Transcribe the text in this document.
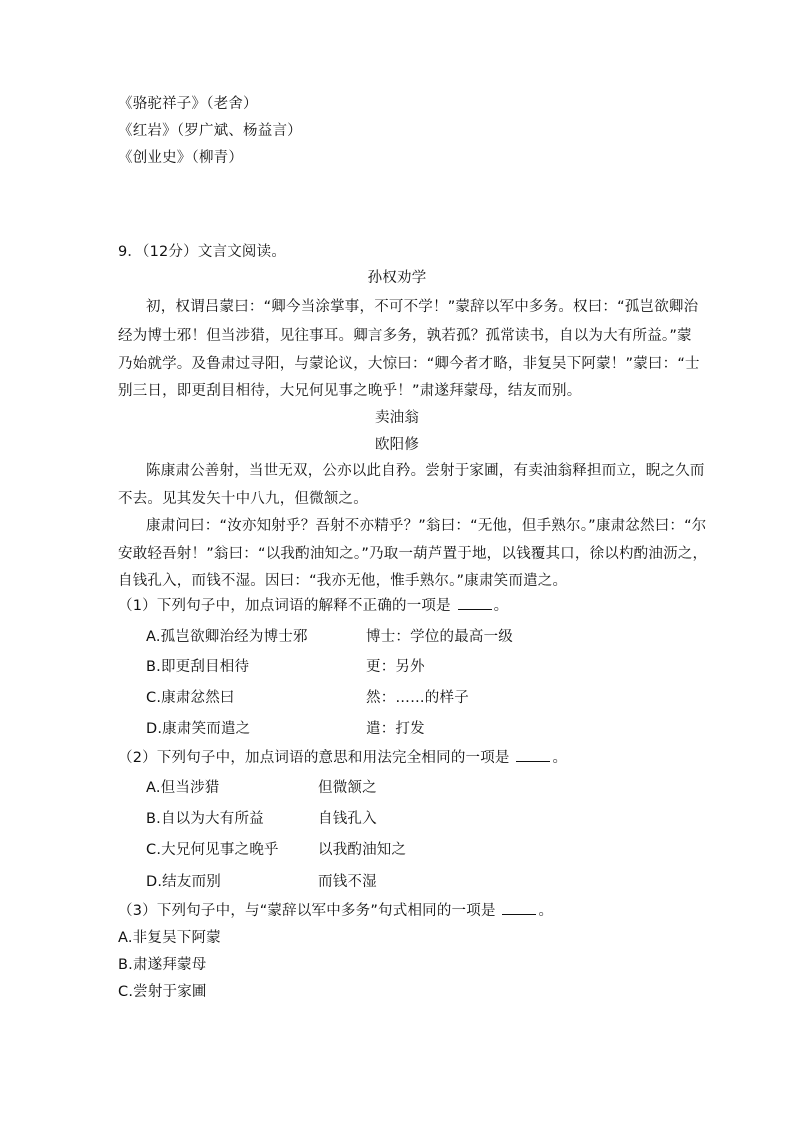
《骆驼祥子》（老舍）
《红岩》（罗广斌、杨益言）
《创业史》（柳青）
9．（12分）文言文阅读。
孙权劝学
初，权谓吕蒙曰：“卿今当涂掌事，不可不学！”蒙辞以军中多务。权曰：“孤岂欲卿治
经为博士邪！但当涉猎，见往事耳。卿言多务，孰若孤？孤常读书，自以为大有所益。”蒙
乃始就学。及鲁肃过寻阳，与蒙论议，大惊曰：“卿今者才略，非复吴下阿蒙！”蒙曰：“士
别三日，即更刮目相待，大兄何见事之晚乎！”肃遂拜蒙母，结友而别。
卖油翁
欧阳修
陈康肃公善射，当世无双，公亦以此自矜。尝射于家圃，有卖油翁释担而立，睨之久而
不去。见其发矢十中八九，但微颔之。
康肃问曰：“汝亦知射乎？吾射不亦精乎？”翁曰：“无他，但手熟尔。”康肃忿然曰：“尔
安敢轻吾射！”翁曰：“以我酌油知之。”乃取一葫芦置于地，以钱覆其口，徐以杓酌油沥之，
自钱孔入，而钱不湿。因曰：“我亦无他，惟手熟尔。”康肃笑而遣之。
（1）下列句子中，加点词语的解释不正确的一项是	。
A.孤岂欲卿治经为博士邪	博士：学位的最高一级
B.即更刮目相待	更：另外
C.康肃忿然曰	然：……的样子
D.康肃笑而遣之	遣：打发
（2）下列句子中，加点词语的意思和用法完全相同的一项是	。
A.但当涉猎	但微颔之
B.自以为大有所益	自钱孔入
C.大兄何见事之晚乎	以我酌油知之
D.结友而别	而钱不湿
（3）下列句子中，与“蒙辞以军中多务”句式相同的一项是	。
A.非复吴下阿蒙
B.肃遂拜蒙母
C.尝射于家圃
